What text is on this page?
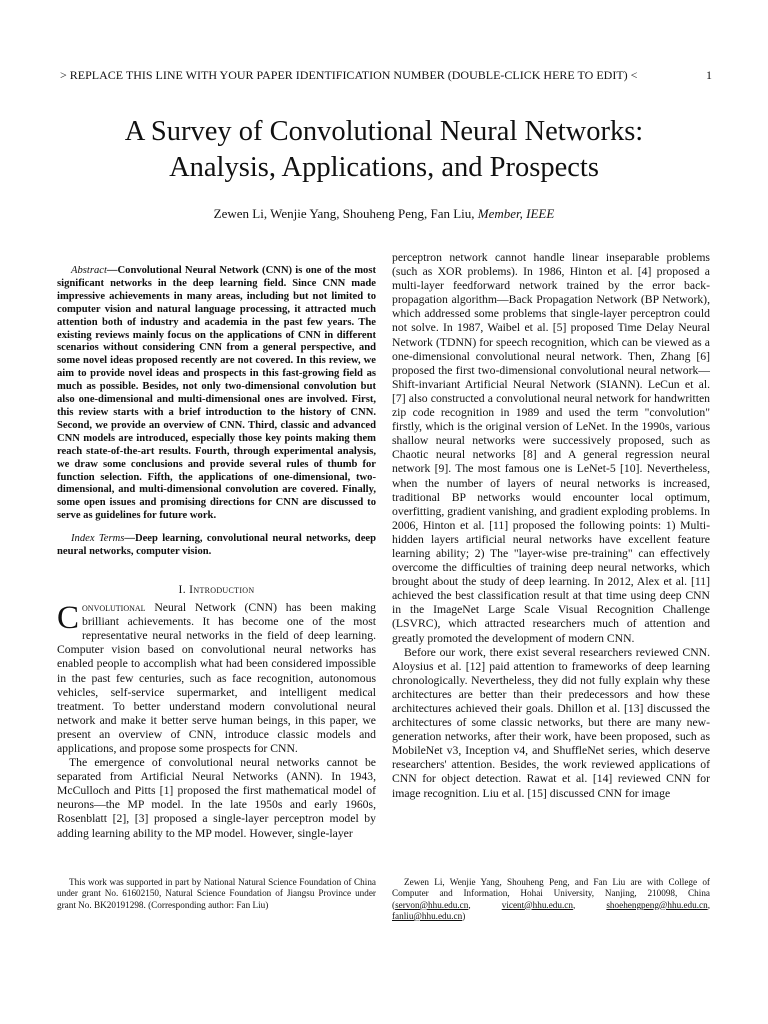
> REPLACE THIS LINE WITH YOUR PAPER IDENTIFICATION NUMBER (DOUBLE-CLICK HERE TO EDIT) <	1
A Survey of Convolutional Neural Networks:
Analysis, Applications, and Prospects
Zewen Li, Wenjie Yang, Shouheng Peng, Fan Liu, Member, IEEE

Abstract—Convolutional Neural Network (CNN) is one of the most significant networks in the deep learning field. Since CNN made impressive achievements in many areas, including but not limited to computer vision and natural language processing, it attracted much attention both of industry and academia in the past few years. The existing reviews mainly focus on the applications of CNN in different scenarios without considering CNN from a general perspective, and some novel ideas proposed recently are not covered. In this review, we aim to provide novel ideas and prospects in this fast-growing field as much as possible. Besides, not only two-dimensional convolution but also one-dimensional and multi-dimensional ones are involved. First, this review starts with a brief introduction to the history of CNN. Second, we provide an overview of CNN. Third, classic and advanced CNN models are introduced, especially those key points making them reach state-of-the-art results. Fourth, through experimental analysis, we draw some conclusions and provide several rules of thumb for function selection. Fifth, the applications of one-dimensional, two-dimensional, and multi-dimensional convolution are covered. Finally, some open issues and promising directions for CNN are discussed to serve as guidelines for future work.

Index Terms—Deep learning, convolutional neural networks, deep neural networks, computer vision.

I. Introduction

Convolutional Neural Network (CNN) has been making brilliant achievements. It has become one of the most representative neural networks in the field of deep learning. Computer vision based on convolutional neural networks has enabled people to accomplish what had been considered impossible in the past few centuries, such as face recognition, autonomous vehicles, self-service supermarket, and intelligent medical treatment. To better understand modern convolutional neural network and make it better serve human beings, in this paper, we present an overview of CNN, introduce classic models and applications, and propose some prospects for CNN.

The emergence of convolutional neural networks cannot be separated from Artificial Neural Networks (ANN). In 1943, McCulloch and Pitts [1] proposed the first mathematical model of neurons—the MP model. In the late 1950s and early 1960s, Rosenblatt [2], [3] proposed a single-layer perceptron model by adding learning ability to the MP model. However, single-layer

perceptron network cannot handle linear inseparable problems (such as XOR problems). In 1986, Hinton et al. [4] proposed a multi-layer feedforward network trained by the error back-propagation algorithm—Back Propagation Network (BP Network), which addressed some problems that single-layer perceptron could not solve. In 1987, Waibel et al. [5] proposed Time Delay Neural Network (TDNN) for speech recognition, which can be viewed as a one-dimensional convolutional neural network. Then, Zhang [6] proposed the first two-dimensional convolutional neural network—Shift-invariant Artificial Neural Network (SIANN). LeCun et al. [7] also constructed a convolutional neural network for handwritten zip code recognition in 1989 and used the term "convolution" firstly, which is the original version of LeNet. In the 1990s, various shallow neural networks were successively proposed, such as Chaotic neural networks [8] and A general regression neural network [9]. The most famous one is LeNet-5 [10]. Nevertheless, when the number of layers of neural networks is increased, traditional BP networks would encounter local optimum, overfitting, gradient vanishing, and gradient exploding problems. In 2006, Hinton et al. [11] proposed the following points: 1) Multi-hidden layers artificial neural networks have excellent feature learning ability; 2) The "layer-wise pre-training" can effectively overcome the difficulties of training deep neural networks, which brought about the study of deep learning. In 2012, Alex et al. [11] achieved the best classification result at that time using deep CNN in the ImageNet Large Scale Visual Recognition Challenge (LSVRC), which attracted researchers much of attention and greatly promoted the development of modern CNN.

Before our work, there exist several researchers reviewed CNN. Aloysius et al. [12] paid attention to frameworks of deep learning chronologically. Nevertheless, they did not fully explain why these architectures are better than their predecessors and how these architectures achieved their goals. Dhillon et al. [13] discussed the architectures of some classic networks, but there are many new-generation networks, after their work, have been proposed, such as MobileNet v3, Inception v4, and ShuffleNet series, which deserve researchers' attention. Besides, the work reviewed applications of CNN for object detection. Rawat et al. [14] reviewed CNN for image recognition. Liu et al. [15] discussed CNN for image

This work was supported in part by National Natural Science Foundation of China under grant No. 61602150, Natural Science Foundation of Jiangsu Province under grant No. BK20191298. (Corresponding author: Fan Liu)
Zewen Li, Wenjie Yang, Shouheng Peng, and Fan Liu are with College of Computer and Information, Hohai University, Nanjing, 210098, China (servon@hhu.edu.cn, vicent@hhu.edu.cn, shoehengpeng@hhu.edu.cn, fanliu@hhu.edu.cn)
